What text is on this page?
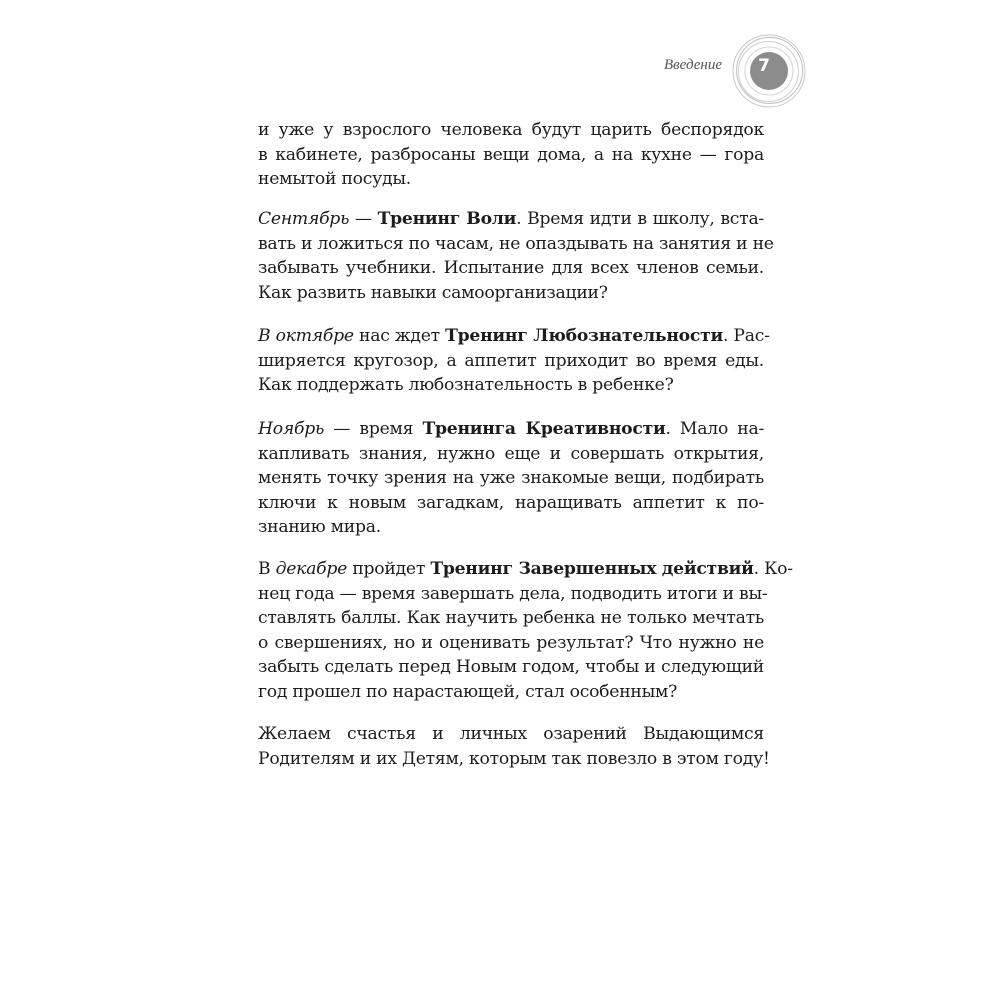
Введение	7
и уже у взрослого человека будут царить беспорядок
в кабинете, разбросаны вещи дома, а на кухне — гора
немытой посуды.
Сентябрь — Тренинг Воли. Время идти в школу, вста-
вать и ложиться по часам, не опаздывать на занятия и не
забывать учебники. Испытание для всех членов семьи.
Как развить навыки самоорганизации?
В октябре нас ждет Тренинг Любознательности. Рас-
ширяется кругозор, а аппетит приходит во время еды.
Как поддержать любознательность в ребенке?
Ноябрь — время Тренинга Креативности. Мало на-
капливать знания, нужно еще и совершать открытия,
менять точку зрения на уже знакомые вещи, подбирать
ключи к новым загадкам, наращивать аппетит к по-
знанию мира.
В декабре пройдет Тренинг Завершенных действий. Ко-
нец года — время завершать дела, подводить итоги и вы-
ставлять баллы. Как научить ребенка не только мечтать
о свершениях, но и оценивать результат? Что нужно не
забыть сделать перед Новым годом, чтобы и следующий
год прошел по нарастающей, стал особенным?
Желаем счастья и личных озарений Выдающимся
Родителям и их Детям, которым так повезло в этом году!
